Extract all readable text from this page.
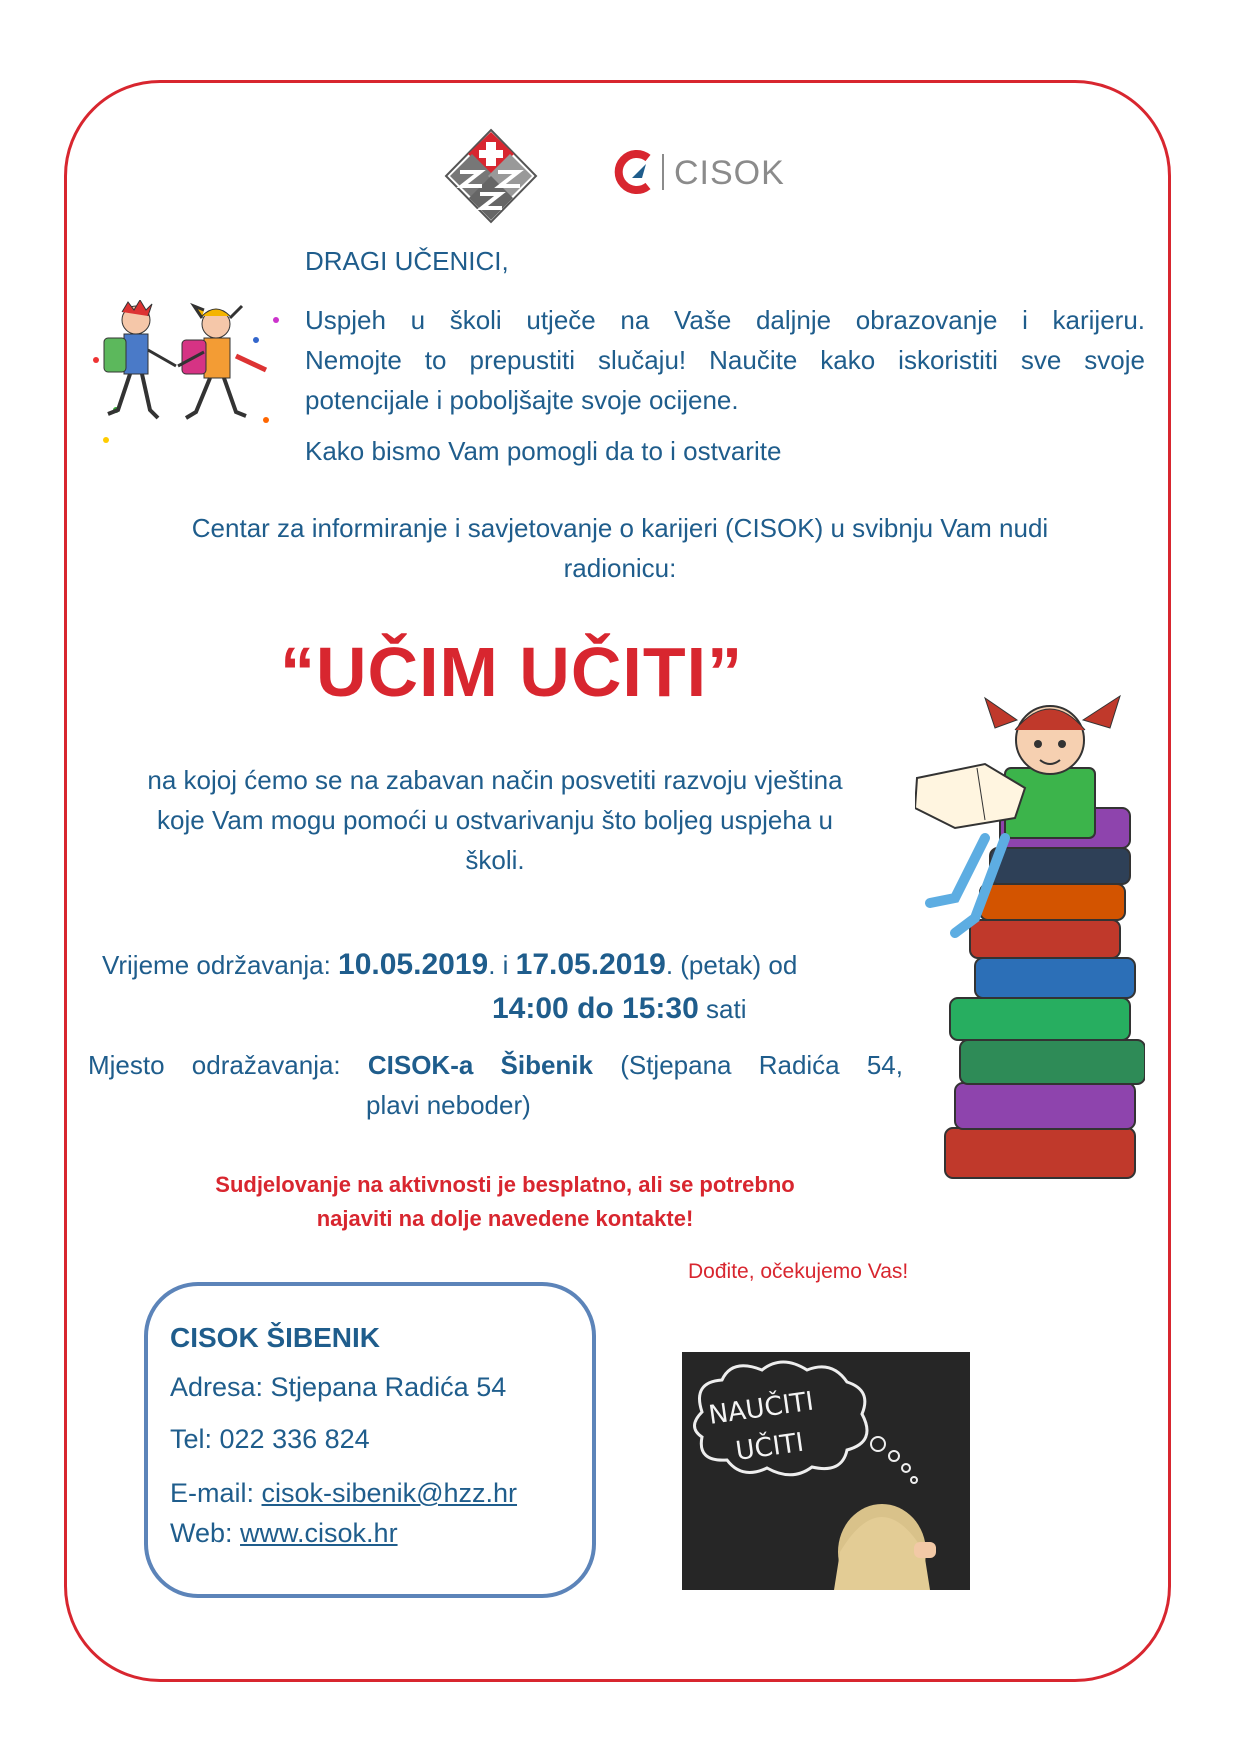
CISOK
DRAGI UČENICI,
Uspjeh u školi utječe na Vaše daljnje obrazovanje i karijeru.
Nemojte to prepustiti slučaju! Naučite kako iskoristiti sve svoje
potencijale i poboljšajte svoje ocijene.
Kako bismo Vam pomogli da to i ostvarite
Centar za informiranje i savjetovanje o karijeri (CISOK) u svibnju Vam nudi
radionicu:
“UČIM UČITI”
na kojoj ćemo se na zabavan način posvetiti razvoju vještina
koje Vam mogu pomoći u ostvarivanju što boljeg uspjeha u
školi.
Vrijeme održavanja: 10.05.2019. i 17.05.2019. (petak) od
14:00 do 15:30 sati
Mjesto odražavanja: CISOK-a Šibenik (Stjepana Radića 54,
plavi neboder)
Sudjelovanje na aktivnosti je besplatno, ali se potrebno
najaviti na dolje navedene kontakte!
Dođite, očekujemo Vas!
CISOK ŠIBENIK
Adresa: Stjepana Radića 54
Tel: 022 336 824
E-mail: cisok-sibenik@hzz.hr
Web: www.cisok.hr
NAUČITI
UČITI
